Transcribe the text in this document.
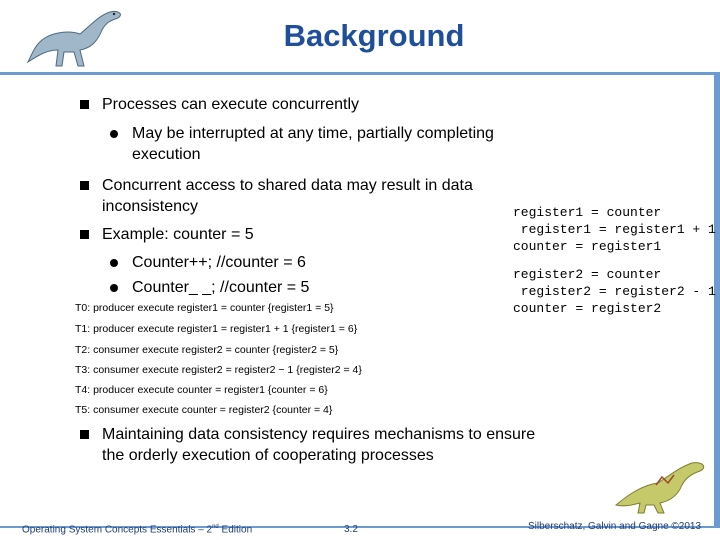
Background
Processes can execute concurrently
May be interrupted at any time, partially completing
execution
Concurrent access to shared data may result in data
inconsistency
Example: counter = 5
Counter++; //counter = 6
Counter_ _; //counter = 5
T0: producer execute register1 = counter {register1 = 5}
T1: producer execute register1 = register1 + 1 {register1 = 6}
T2: consumer execute register2 = counter {register2 = 5}
T3: consumer execute register2 = register2 − 1 {register2 = 4}
T4: producer execute counter = register1 {counter = 6}
T5: consumer execute counter = register2 {counter = 4}
register1 = counter
register1 = register1 + 1
counter = register1
register2 = counter
register2 = register2 - 1
counter = register2
Maintaining data consistency requires mechanisms to ensure
the orderly execution of cooperating processes
Operating System Concepts Essentials – 2nd Edition	3.2	Silberschatz, Galvin and Gagne ©2013
